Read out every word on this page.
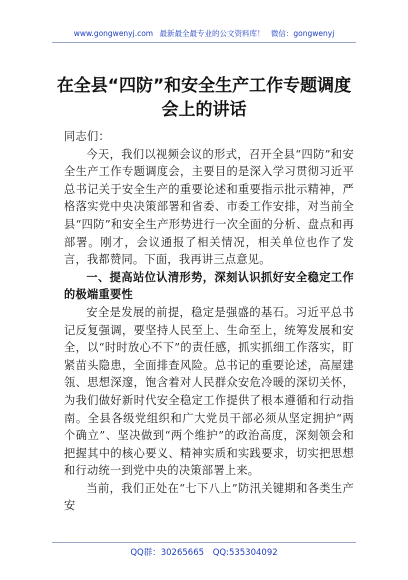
www.gongwenyj.com 最新最全最专业的公文资料库！ 微信：gongwenyj
在全县“四防”和安全生产工作专题调度
会上的讲话

同志们：

今天，我们以视频会议的形式，召开全县“四防”和安全生产工作专题调度会，主要目的是深入学习贯彻习近平总书记关于安全生产的重要论述和重要指示批示精神，严格落实党中央决策部署和省委、市委工作安排，对当前全县“四防”和安全生产形势进行一次全面的分析、盘点和再部署。刚才，会议通报了相关情况，相关单位也作了发言，我都赞同。下面，我再讲三点意见。

一、提高站位认清形势，深刻认识抓好安全稳定工作的极端重要性

安全是发展的前提，稳定是强盛的基石。习近平总书记反复强调，要坚持人民至上、生命至上，统筹发展和安全，以“时时放心不下”的责任感，抓实抓细工作落实，盯紧苗头隐患，全面排查风险。总书记的重要论述，高屋建瓴、思想深邃，饱含着对人民群众安危冷暖的深切关怀，为我们做好新时代安全稳定工作提供了根本遵循和行动指南。全县各级党组织和广大党员干部必须从坚定拥护“两个确立”、坚决做到“两个维护”的政治高度，深刻领会和把握其中的核心要义、精神实质和实践要求，切实把思想和行动统一到党中央的决策部署上来。

当前，我们正处在“七下八上”防汛关键期和各类生产安

QQ群：30265665 QQ:535304092
